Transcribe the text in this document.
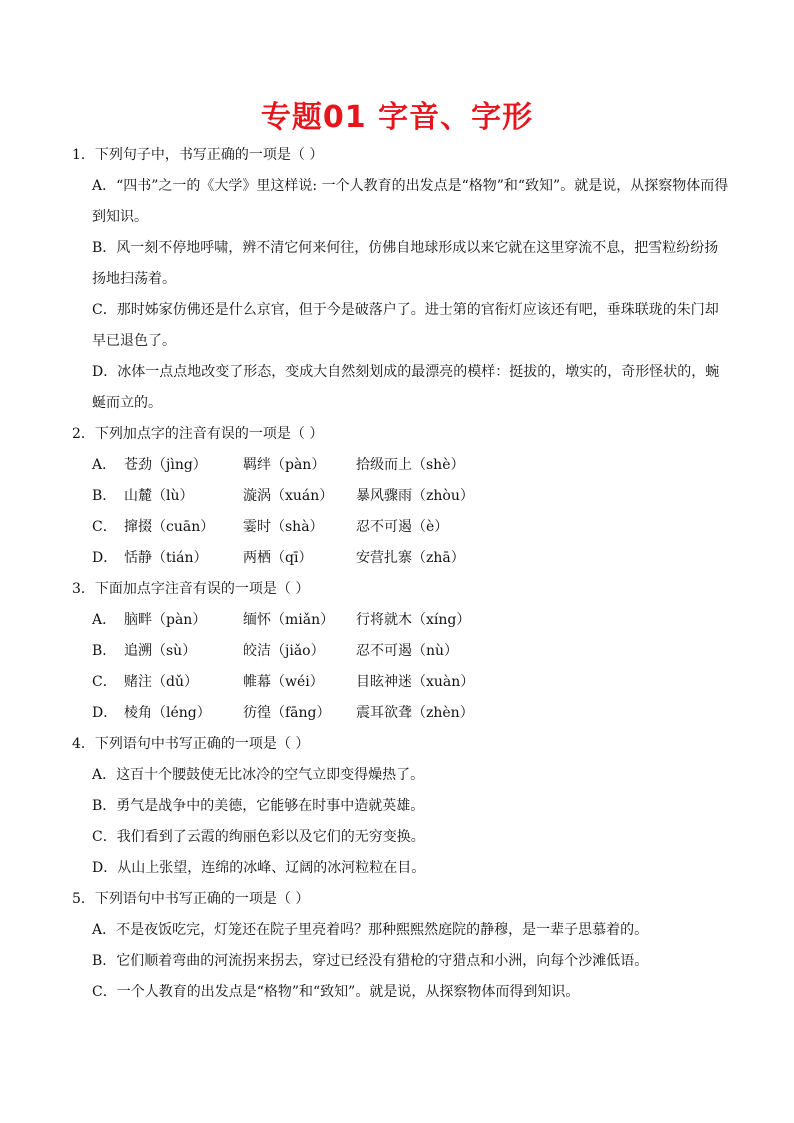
专题01 字音、字形
1．下列句子中，书写正确的一项是（ ）
A．“四书”之一的《大学》里这样说: 一个人教育的出发点是“格物”和“致知”。就是说，从探察物体而得
到知识。
B．风一刻不停地呼啸，辨不清它何来何往，仿佛自地球形成以来它就在这里穿流不息，把雪粒纷纷扬
扬地扫荡着。
C．那时姊家仿佛还是什么京官，但于今是破落户了。进士第的官衔灯应该还有吧，垂珠联珑的朱门却
早已退色了。
D．冰体一点点地改变了形态，变成大自然刻划成的最漂亮的模样：挺拔的，墩实的，奇形怪状的，蜿
蜒而立的。
2．下列加点字的注音有误的一项是（ ）
A． 苍劲（jìng）	羁绊（pàn） 拾级而上（shè）
B． 山麓（lù）	漩涡（xuán） 暴风骤雨（zhòu）
C． 撺掇（cuān） 霎时（shà） 忍不可遏（è）
D． 恬静（tián）	两栖（qī）	安营扎寨（zhā）
3．下面加点字注音有误的一项是（ ）
A． 脑畔（pàn）	缅怀（miǎn） 行将就木（xíng）
B． 追溯（sù）	皎洁（jiǎo） 忍不可遏（nù）
C． 赌注（dǔ）	帷幕（wéi） 目眩神迷（xuàn）
D． 棱角（léng） 彷徨（fāng） 震耳欲聋（zhèn）
4．下列语句中书写正确的一项是（ ）
A．这百十个腰鼓使无比冰冷的空气立即变得燥热了。
B．勇气是战争中的美德，它能够在时事中造就英雄。
C．我们看到了云霞的绚丽色彩以及它们的无穷变换。
D．从山上张望，连绵的冰峰、辽阔的冰河粒粒在目。
5．下列语句中书写正确的一项是（ ）
A．不是夜饭吃完，灯笼还在院子里亮着吗？那种熙熙然庭院的静穆，是一辈子思慕着的。
B．它们顺着弯曲的河流拐来拐去，穿过已经没有猎枪的守猎点和小洲，向每个沙滩低语。
C．一个人教育的出发点是“格物”和“致知”。就是说，从探察物体而得到知识。
